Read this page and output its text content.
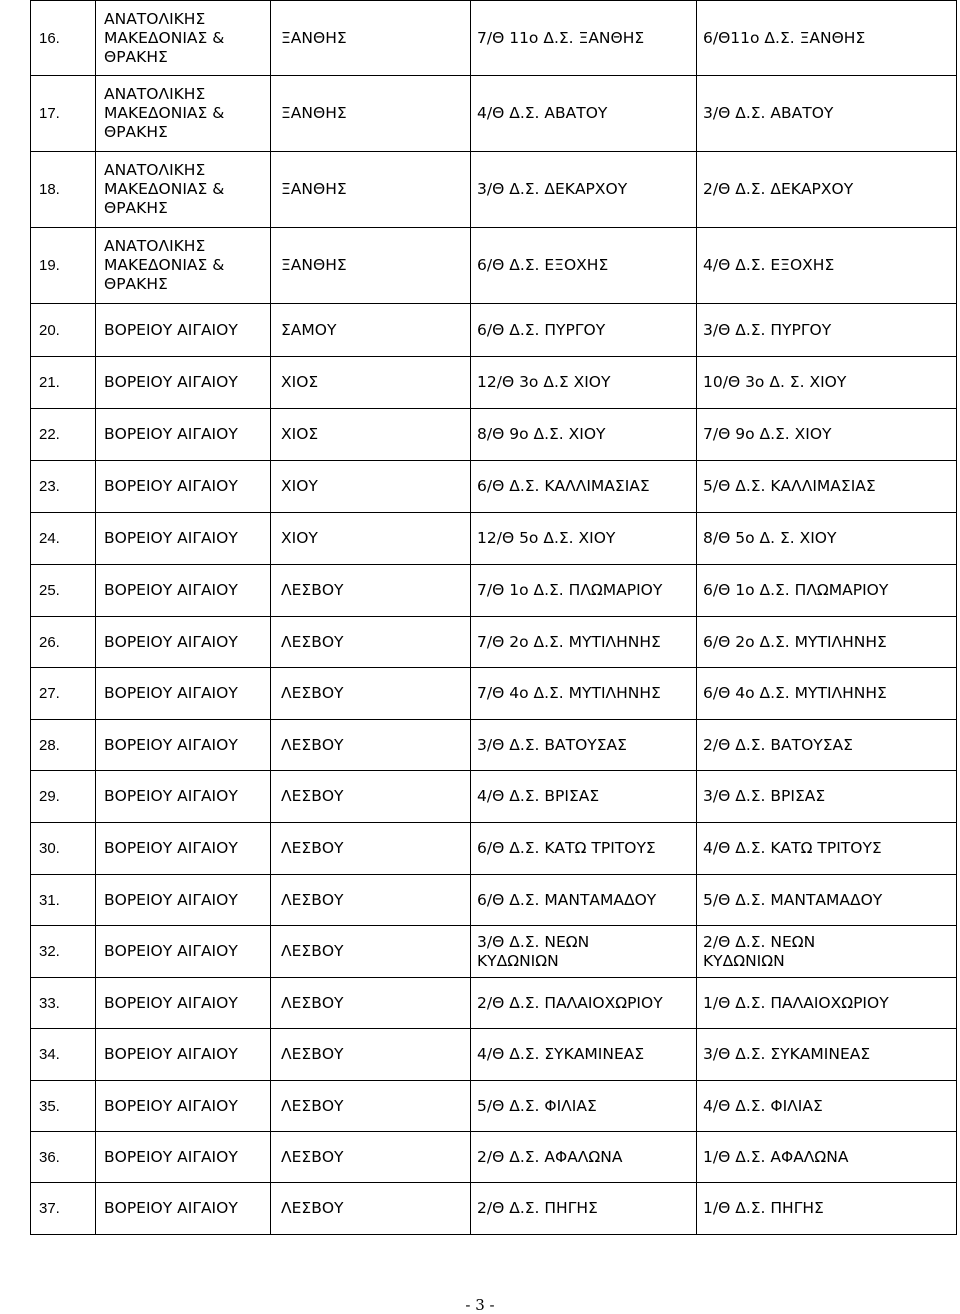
16.	ΑΝΑΤΟΛΙΚΗΣ
ΜΑΚΕΔΟΝΙΑΣ &
ΘΡΑΚΗΣ	ΞΑΝΘΗΣ	7/Θ 11ο Δ.Σ. ΞΑΝΘΗΣ	6/Θ11ο Δ.Σ. ΞΑΝΘΗΣ
17.	ΑΝΑΤΟΛΙΚΗΣ
ΜΑΚΕΔΟΝΙΑΣ &
ΘΡΑΚΗΣ	ΞΑΝΘΗΣ	4/Θ Δ.Σ. ΑΒΑΤΟΥ	3/Θ Δ.Σ. ΑΒΑΤΟΥ
18.	ΑΝΑΤΟΛΙΚΗΣ
ΜΑΚΕΔΟΝΙΑΣ &
ΘΡΑΚΗΣ	ΞΑΝΘΗΣ	3/Θ Δ.Σ. ΔΕΚΑΡΧΟΥ	2/Θ Δ.Σ. ΔΕΚΑΡΧΟΥ
19.	ΑΝΑΤΟΛΙΚΗΣ
ΜΑΚΕΔΟΝΙΑΣ &
ΘΡΑΚΗΣ	ΞΑΝΘΗΣ	6/Θ Δ.Σ. ΕΞΟΧΗΣ	4/Θ Δ.Σ. ΕΞΟΧΗΣ
20.	ΒΟΡΕΙΟΥ ΑΙΓΑΙΟΥ	ΣΑΜΟΥ	6/Θ Δ.Σ. ΠΥΡΓΟΥ	3/Θ Δ.Σ. ΠΥΡΓΟΥ
21.	ΒΟΡΕΙΟΥ ΑΙΓΑΙΟΥ	ΧΙΟΣ	12/Θ 3ο Δ.Σ ΧΙΟΥ	10/Θ 3ο Δ. Σ. ΧΙΟΥ
22.	ΒΟΡΕΙΟΥ ΑΙΓΑΙΟΥ	ΧΙΟΣ	8/Θ 9ο Δ.Σ. ΧΙΟΥ	7/Θ 9ο Δ.Σ. ΧΙΟΥ
23.	ΒΟΡΕΙΟΥ ΑΙΓΑΙΟΥ	ΧΙΟΥ	6/Θ Δ.Σ. ΚΑΛΛΙΜΑΣΙΑΣ	5/Θ Δ.Σ. ΚΑΛΛΙΜΑΣΙΑΣ
24.	ΒΟΡΕΙΟΥ ΑΙΓΑΙΟΥ	ΧΙΟΥ	12/Θ 5ο Δ.Σ. ΧΙΟΥ	8/Θ 5ο Δ. Σ. ΧΙΟΥ
25.	ΒΟΡΕΙΟΥ ΑΙΓΑΙΟΥ	ΛΕΣΒΟΥ	7/Θ 1ο Δ.Σ. ΠΛΩΜΑΡΙΟΥ	6/Θ 1ο Δ.Σ. ΠΛΩΜΑΡΙΟΥ
26.	ΒΟΡΕΙΟΥ ΑΙΓΑΙΟΥ	ΛΕΣΒΟΥ	7/Θ 2ο Δ.Σ. ΜΥΤΙΛΗΝΗΣ	6/Θ 2ο Δ.Σ. ΜΥΤΙΛΗΝΗΣ
27.	ΒΟΡΕΙΟΥ ΑΙΓΑΙΟΥ	ΛΕΣΒΟΥ	7/Θ 4ο Δ.Σ. ΜΥΤΙΛΗΝΗΣ	6/Θ 4ο Δ.Σ. ΜΥΤΙΛΗΝΗΣ
28.	ΒΟΡΕΙΟΥ ΑΙΓΑΙΟΥ	ΛΕΣΒΟΥ	3/Θ Δ.Σ. ΒΑΤΟΥΣΑΣ	2/Θ Δ.Σ. ΒΑΤΟΥΣΑΣ
29.	ΒΟΡΕΙΟΥ ΑΙΓΑΙΟΥ	ΛΕΣΒΟΥ	4/Θ Δ.Σ. ΒΡΙΣΑΣ	3/Θ Δ.Σ. ΒΡΙΣΑΣ
30.	ΒΟΡΕΙΟΥ ΑΙΓΑΙΟΥ	ΛΕΣΒΟΥ	6/Θ Δ.Σ. ΚΑΤΩ ΤΡΙΤΟΥΣ	4/Θ Δ.Σ. ΚΑΤΩ ΤΡΙΤΟΥΣ
31.	ΒΟΡΕΙΟΥ ΑΙΓΑΙΟΥ	ΛΕΣΒΟΥ	6/Θ Δ.Σ. ΜΑΝΤΑΜΑΔΟΥ	5/Θ Δ.Σ. ΜΑΝΤΑΜΑΔΟΥ
32.	ΒΟΡΕΙΟΥ ΑΙΓΑΙΟΥ	ΛΕΣΒΟΥ	3/Θ Δ.Σ. ΝΕΩΝ
ΚΥΔΩΝΙΩΝ	2/Θ Δ.Σ. ΝΕΩΝ
ΚΥΔΩΝΙΩΝ
33.	ΒΟΡΕΙΟΥ ΑΙΓΑΙΟΥ	ΛΕΣΒΟΥ	2/Θ Δ.Σ. ΠΑΛΑΙΟΧΩΡΙΟΥ	1/Θ Δ.Σ. ΠΑΛΑΙΟΧΩΡΙΟΥ
34.	ΒΟΡΕΙΟΥ ΑΙΓΑΙΟΥ	ΛΕΣΒΟΥ	4/Θ Δ.Σ. ΣΥΚΑΜΙΝΕΑΣ	3/Θ Δ.Σ. ΣΥΚΑΜΙΝΕΑΣ
35.	ΒΟΡΕΙΟΥ ΑΙΓΑΙΟΥ	ΛΕΣΒΟΥ	5/Θ Δ.Σ. ΦΙΛΙΑΣ	4/Θ Δ.Σ. ΦΙΛΙΑΣ
36.	ΒΟΡΕΙΟΥ ΑΙΓΑΙΟΥ	ΛΕΣΒΟΥ	2/Θ Δ.Σ. ΑΦΑΛΩΝΑ	1/Θ Δ.Σ. ΑΦΑΛΩΝΑ
37.	ΒΟΡΕΙΟΥ ΑΙΓΑΙΟΥ	ΛΕΣΒΟΥ	2/Θ Δ.Σ. ΠΗΓΗΣ	1/Θ Δ.Σ. ΠΗΓΗΣ
- 3 -
